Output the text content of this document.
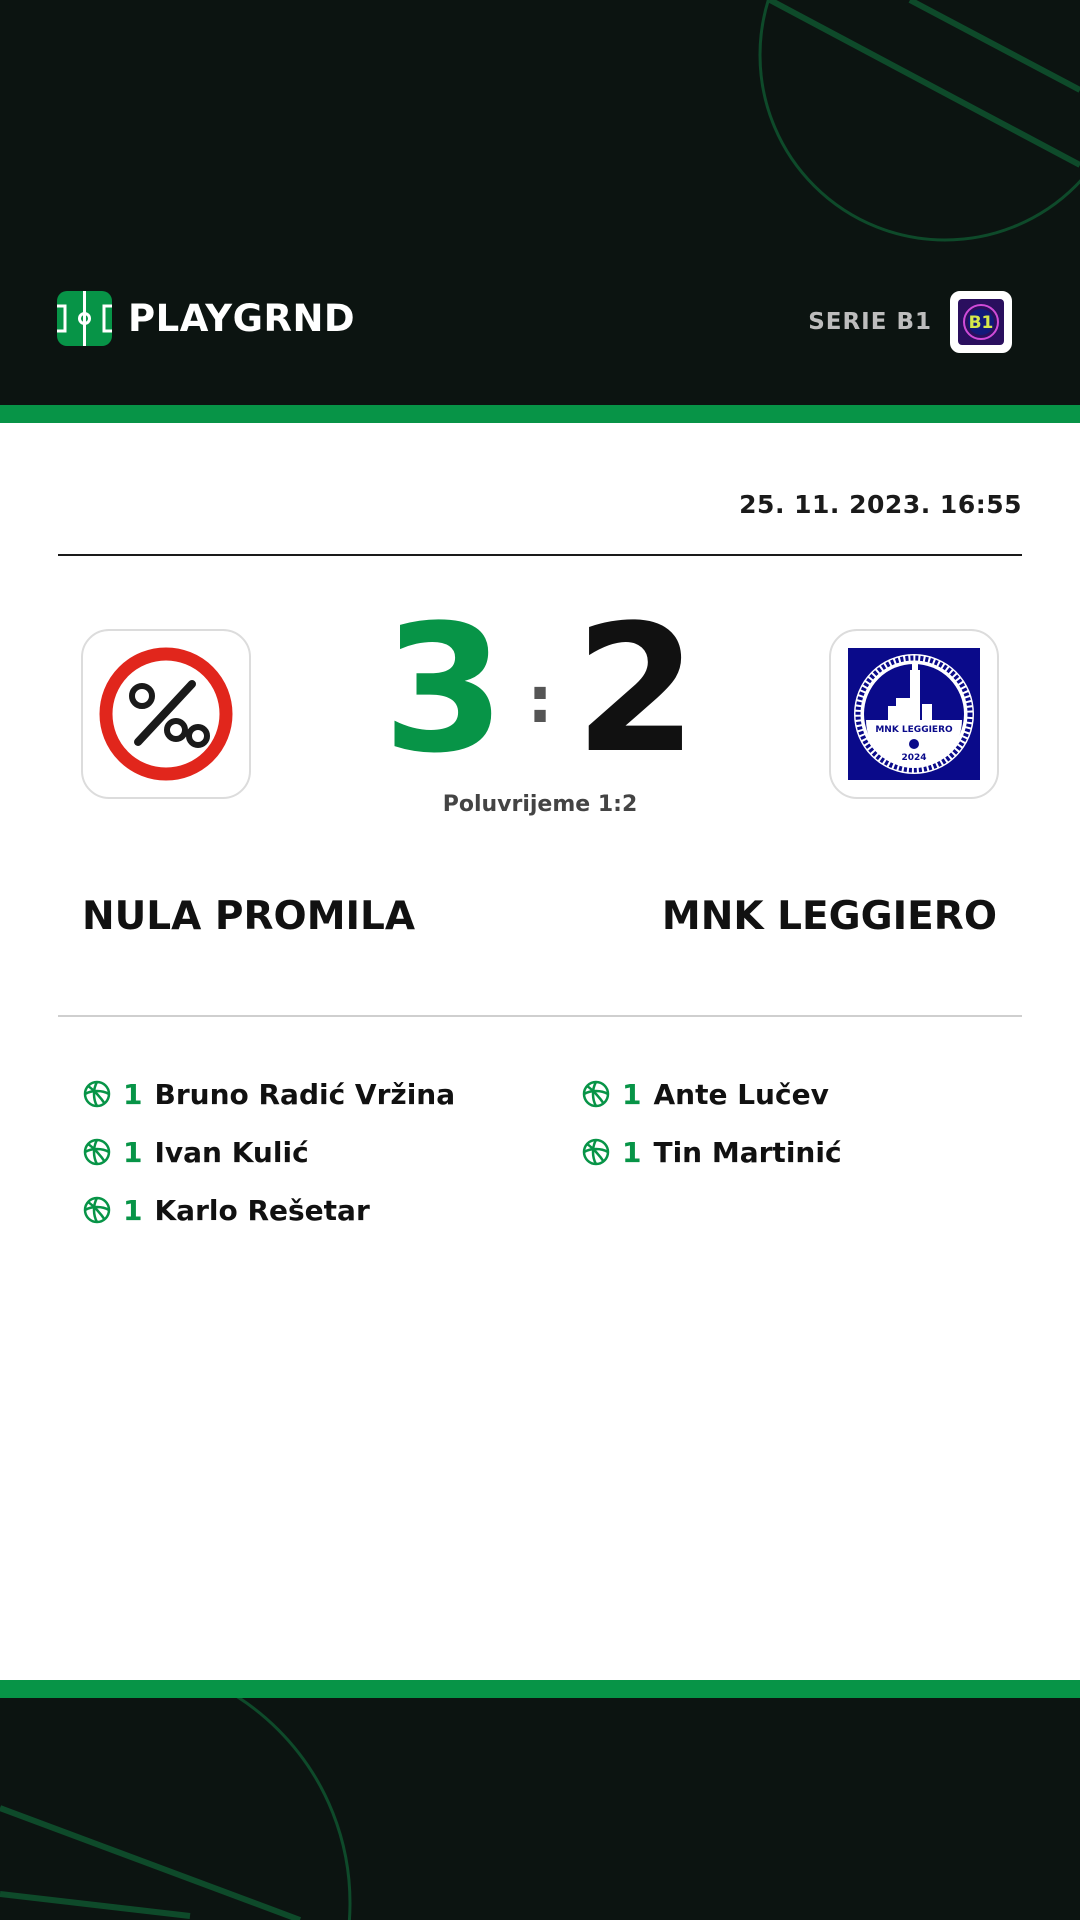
PLAYGRND	SERIE B1 B1
25. 11. 2023. 16:55
MNK LEGGIERO
2024
3 : 2
Poluvrijeme 1:2
NULA PROMILA	MNK LEGGIERO
1 Bruno Radić Vržina
1 Ivan Kulić
1 Karlo Rešetar
1 Ante Lučev
1 Tin Martinić
